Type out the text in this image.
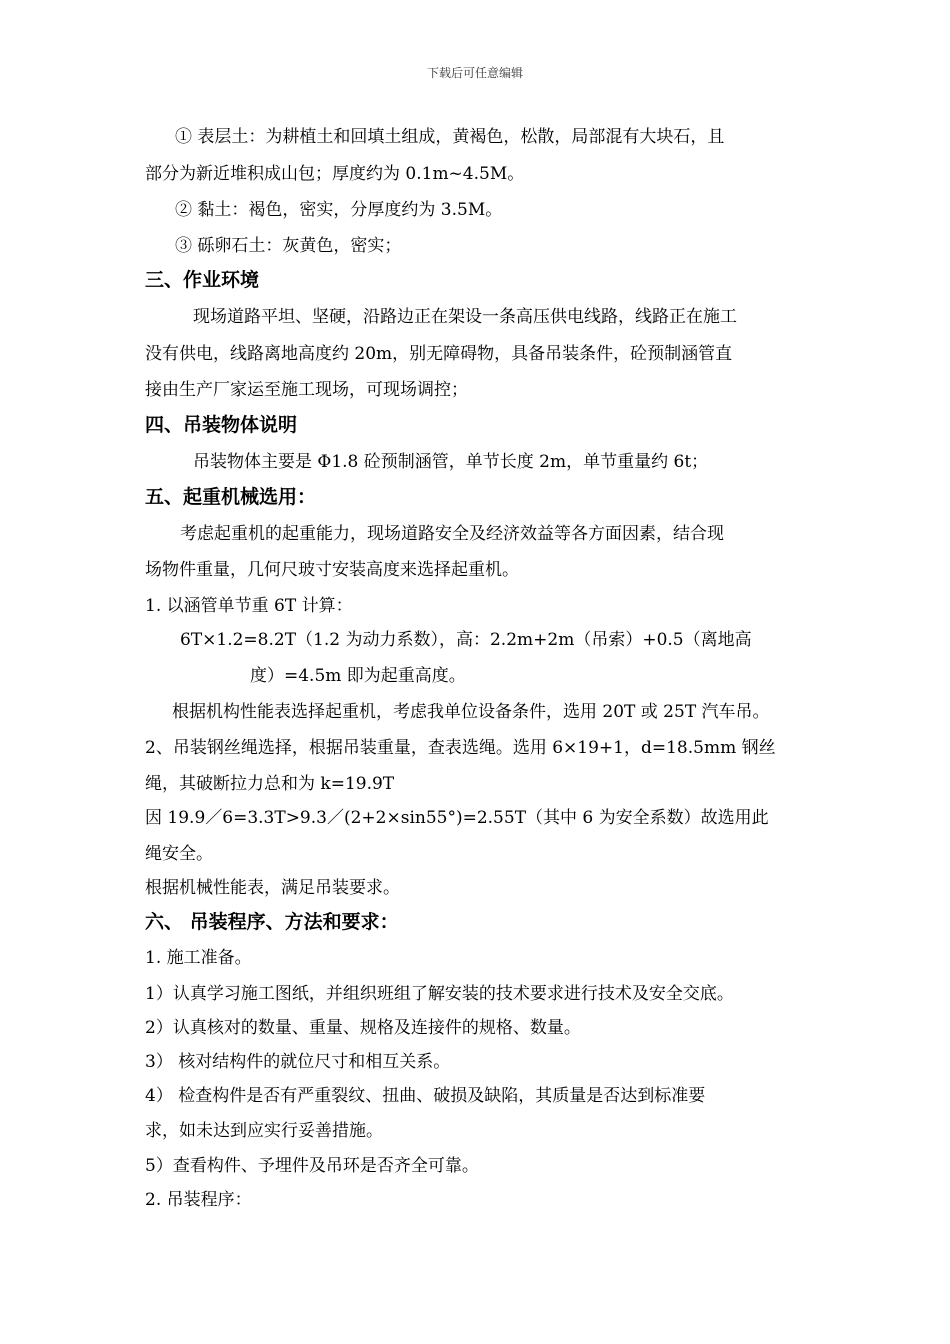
下载后可任意编辑
① 表层土：为耕植土和回填土组成，黄褐色，松散，局部混有大块石，且
部分为新近堆积成山包；厚度约为 0.1m~4.5M。
② 黏土：褐色，密实，分厚度约为 3.5M。
③ 砾卵石土：灰黄色，密实；
三、作业环境
现场道路平坦、坚硬，沿路边正在架设一条高压供电线路，线路正在施工
没有供电，线路离地高度约 20m，别无障碍物，具备吊装条件，砼预制涵管直
接由生产厂家运至施工现场，可现场调控；
四、吊装物体说明
吊装物体主要是 Φ1.8 砼预制涵管，单节长度 2m，单节重量约 6t；
五、起重机械选用：
考虑起重机的起重能力，现场道路安全及经济效益等各方面因素，结合现
场物件重量，几何尺玻寸安装高度来选择起重机。
1. 以涵管单节重 6T 计算：
6T×1.2=8.2T（1.2 为动力系数），高：2.2m+2m（吊索）+0.5（离地高
度）=4.5m 即为起重高度。
根据机构性能表选择起重机，考虑我单位设备条件，选用 20T 或 25T 汽车吊。
2、吊装钢丝绳选择，根据吊装重量，查表选绳。选用 6×19+1，d=18.5mm 钢丝
绳，其破断拉力总和为 k=19.9T
因 19.9／6=3.3T>9.3／(2+2×sin55°)=2.55T（其中 6 为安全系数）故选用此
绳安全。
根据机械性能表，满足吊装要求。
六、 吊装程序、方法和要求：
1. 施工准备。
1）认真学习施工图纸，并组织班组了解安装的技术要求进行技术及安全交底。
2）认真核对的数量、重量、规格及连接件的规格、数量。
3） 核对结构件的就位尺寸和相互关系。
4） 检查构件是否有严重裂纹、扭曲、破损及缺陷，其质量是否达到标准要
求，如未达到应实行妥善措施。
5）查看构件、予埋件及吊环是否齐全可靠。
2. 吊装程序：
